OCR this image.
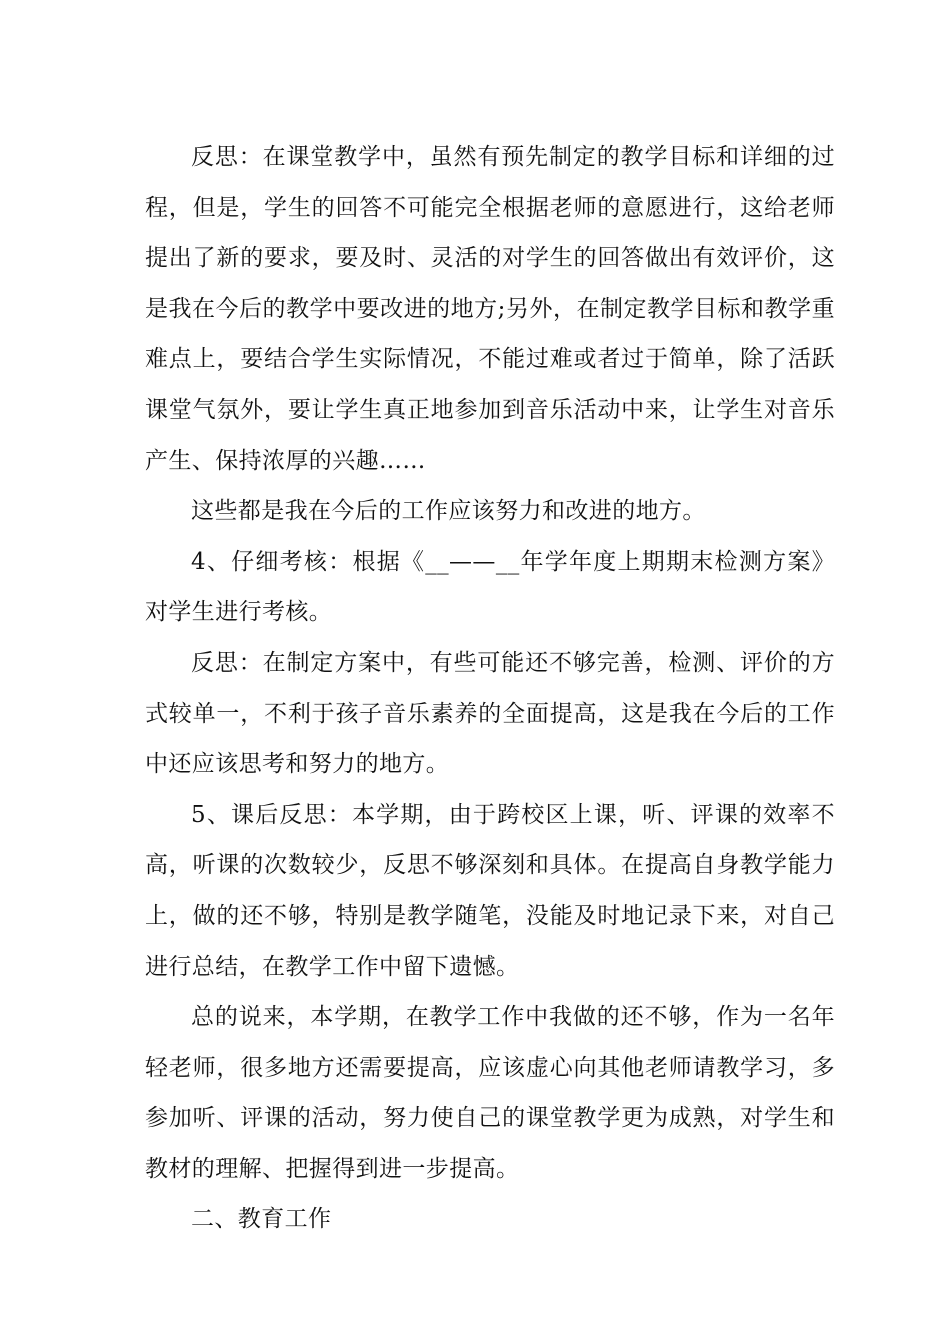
反思：在课堂教学中，虽然有预先制定的教学目标和详细的过程，但是，学生的回答不可能完全根据老师的意愿进行，这给老师提出了新的要求，要及时、灵活的对学生的回答做出有效评价，这是我在今后的教学中要改进的地方;另外，在制定教学目标和教学重难点上，要结合学生实际情况，不能过难或者过于简单，除了活跃课堂气氛外，要让学生真正地参加到音乐活动中来，让学生对音乐产生、保持浓厚的兴趣……

这些都是我在今后的工作应该努力和改进的地方。

4、仔细考核：根据《__——__年学年度上期期末检测方案》对学生进行考核。

反思：在制定方案中，有些可能还不够完善，检测、评价的方式较单一，不利于孩子音乐素养的全面提高，这是我在今后的工作中还应该思考和努力的地方。

5、课后反思：本学期，由于跨校区上课，听、评课的效率不高，听课的次数较少，反思不够深刻和具体。在提高自身教学能力上，做的还不够，特别是教学随笔，没能及时地记录下来，对自己进行总结，在教学工作中留下遗憾。

总的说来，本学期，在教学工作中我做的还不够，作为一名年轻老师，很多地方还需要提高，应该虚心向其他老师请教学习，多参加听、评课的活动，努力使自己的课堂教学更为成熟，对学生和教材的理解、把握得到进一步提高。

二、教育工作
